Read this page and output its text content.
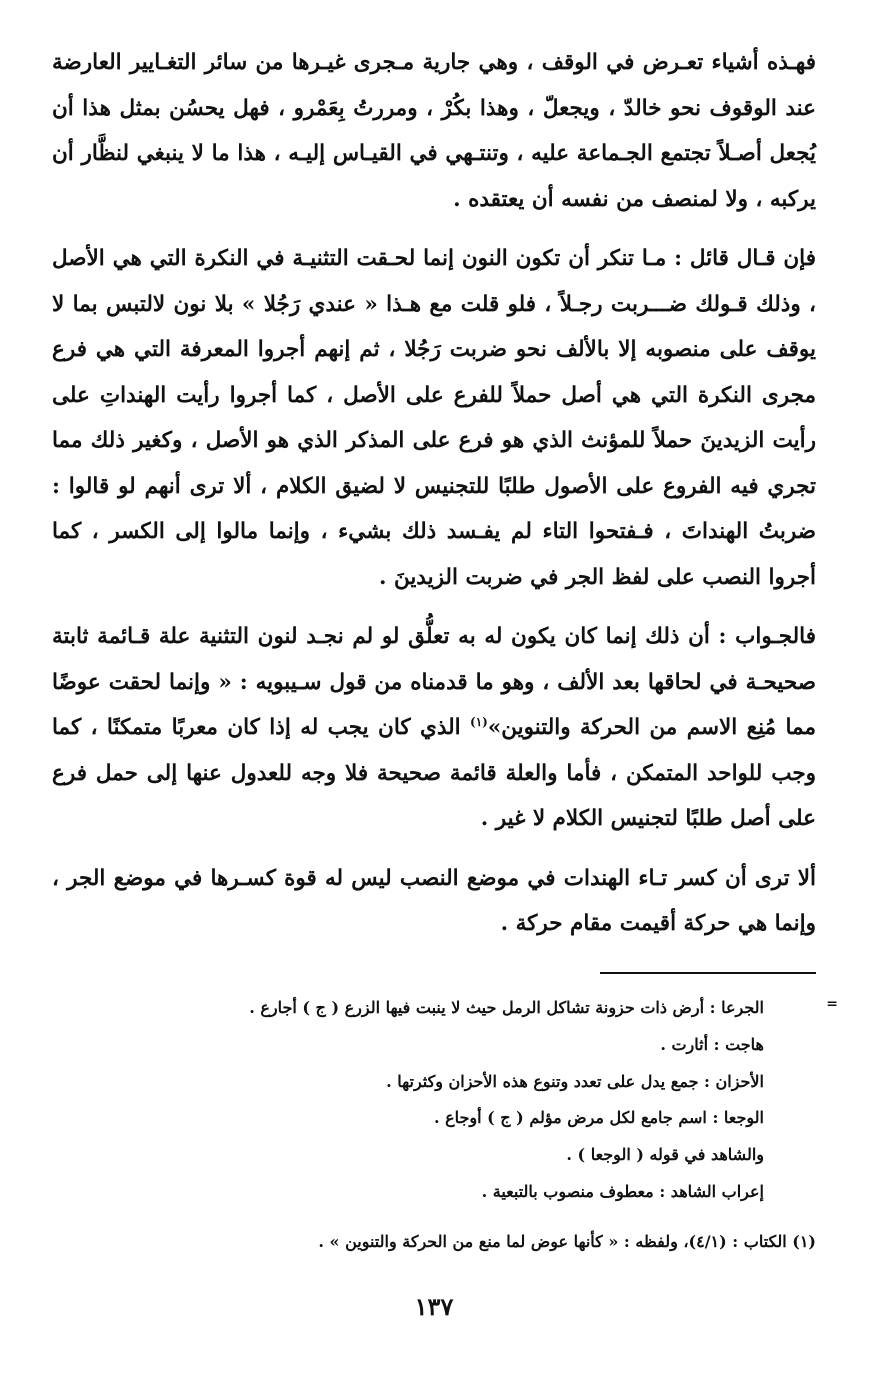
فهـذه أشياء تعـرض في الوقف ، وهي جارية مـجرى غيـرها من سائر التغـايير العارضة عند الوقوف نحو خالدّ ، ويجعلّ ، وهذا بكُرْ ، ومررتُ بِعَمْرو ، فهل يحسُن بمثل هذا أن يُجعل أصـلاً تجتمع الجـماعة عليه ، وتنتـهي في القيـاس إليـه ، هذا ما لا ينبغي لنظَّار أن يركبه ، ولا لمنصف من نفسه أن يعتقده .

فإن قـال قائل : مـا تنكر أن تكون النون إنما لحـقت التثنيـة في النكرة التي هي الأصل ، وذلك قـولك ضـــربت رجـلاً ، فلو قلت مع هـذا « عندي رَجُلا » بلا نون لالتبس بما لا يوقف على منصوبه إلا بالألف نحو ضربت رَجُلا ، ثم إنهم أجروا المعرفة التي هي فرع مجرى النكرة التي هي أصل حملاً للفرع على الأصل ، كما أجروا رأيت الهنداتِ على رأيت الزيدينَ حملاً للمؤنث الذي هو فرع على المذكر الذي هو الأصل ، وكغير ذلك مما تجري فيه الفروع على الأصول طلبًا للتجنيس لا لضيق الكلام ، ألا ترى أنهم لو قالوا : ضربتُ الهنداتَ ، فـفتحوا التاء لم يفـسد ذلك بشيء ، وإنما مالوا إلى الكسر ، كما أجروا النصب على لفظ الجر في ضربت الزيدينَ .

فالجـواب : أن ذلك إنما كان يكون له به تعلُّق لو لم نجـد لنون التثنية علة قـائمة ثابتة صحيحـة في لحاقها بعد الألف ، وهو ما قدمناه من قول سـيبويه : « وإنما لحقت عوضًا مما مُنِع الاسم من الحركة والتنوين»$^{(١)}$ الذي كان يجب له إذا كان معربًا متمكنًا ، كما وجب للواحد المتمكن ، فأما والعلة قائمة صحيحة فلا وجه للعدول عنها إلى حمل فرع على أصل طلبًا لتجنيس الكلام لا غير .

ألا ترى أن كسر تـاء الهندات في موضع النصب ليس له قوة كسـرها في موضع الجر ، وإنما هي حركة أقيمت مقام حركة .

=
الجرعا : أرض ذات حزونة تشاكل الرمل حيث لا ينبت فيها الزرع ( ج ) أجارع .
هاجت : أثارت .
الأحزان : جمع يدل على تعدد وتنوع هذه الأحزان وكثرتها .
الوجعا : اسم جامع لكل مرض مؤلم ( ج ) أوجاع .
والشاهد في قوله ( الوجعا ) .
إعراب الشاهد : معطوف منصوب بالتبعية .
(١) الكتاب : (٤/١)، ولفظه : « كأنها عوض لما منع من الحركة والتنوين » .
١٣٧
